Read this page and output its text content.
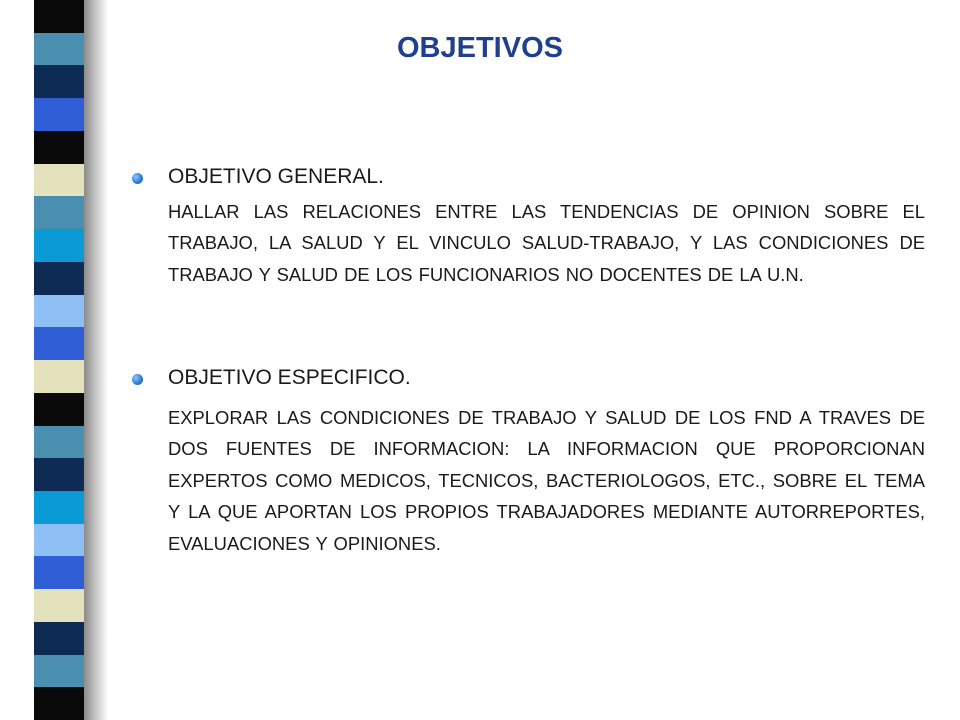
OBJETIVOS
OBJETIVO GENERAL.
HALLAR LAS RELACIONES ENTRE LAS TENDENCIAS DE OPINION SOBRE EL TRABAJO, LA SALUD Y EL VINCULO SALUD-TRABAJO, Y LAS CONDICIONES DE TRABAJO Y SALUD DE LOS FUNCIONARIOS NO DOCENTES DE LA U.N.
OBJETIVO ESPECIFICO.
EXPLORAR LAS CONDICIONES DE TRABAJO Y SALUD DE LOS FND A TRAVES DE DOS FUENTES DE INFORMACION: LA INFORMACION QUE PROPORCIONAN EXPERTOS COMO MEDICOS, TECNICOS, BACTERIOLOGOS, ETC., SOBRE EL TEMA Y LA QUE APORTAN LOS PROPIOS TRABAJADORES MEDIANTE AUTORREPORTES, EVALUACIONES Y OPINIONES.
